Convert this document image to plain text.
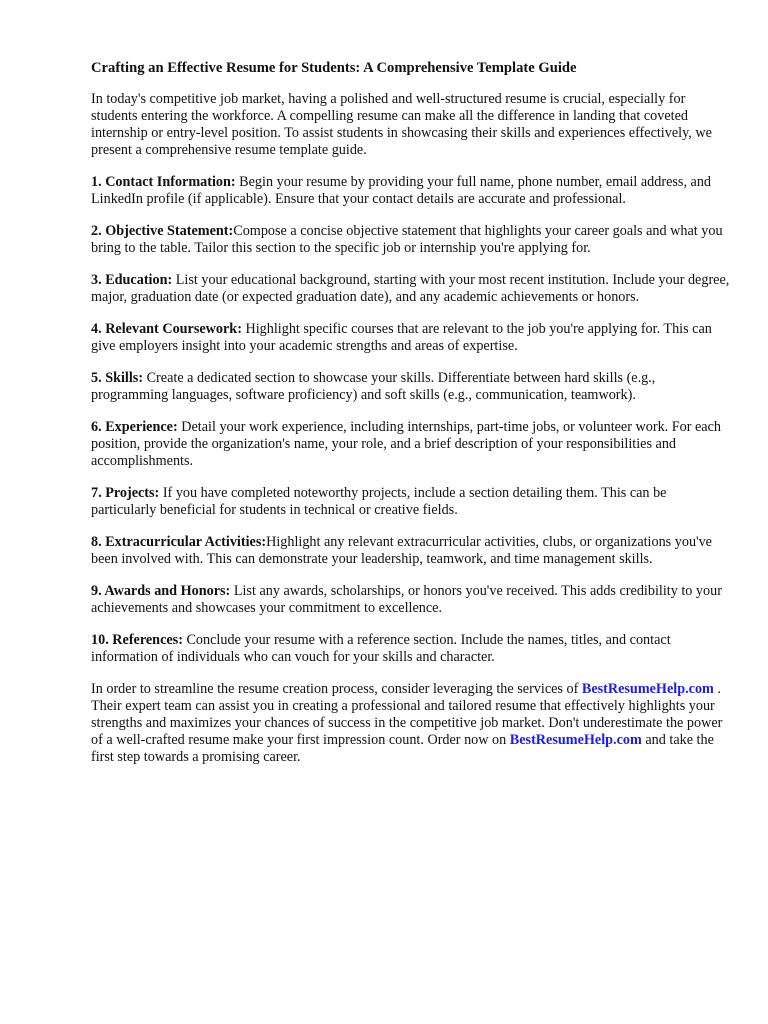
Crafting an Effective Resume for Students: A Comprehensive Template Guide

In today's competitive job market, having a polished and well-structured resume is crucial, especially for students entering the workforce. A compelling resume can make all the difference in landing that coveted internship or entry-level position. To assist students in showcasing their skills and experiences effectively, we present a comprehensive resume template guide.

1. Contact Information: Begin your resume by providing your full name, phone number, email address, and LinkedIn profile (if applicable). Ensure that your contact details are accurate and professional.

2. Objective Statement:Compose a concise objective statement that highlights your career goals and what you bring to the table. Tailor this section to the specific job or internship you're applying for.

3. Education: List your educational background, starting with your most recent institution. Include your degree, major, graduation date (or expected graduation date), and any academic achievements or honors.

4. Relevant Coursework: Highlight specific courses that are relevant to the job you're applying for. This can give employers insight into your academic strengths and areas of expertise.

5. Skills: Create a dedicated section to showcase your skills. Differentiate between hard skills (e.g., programming languages, software proficiency) and soft skills (e.g., communication, teamwork).

6. Experience: Detail your work experience, including internships, part-time jobs, or volunteer work. For each position, provide the organization's name, your role, and a brief description of your responsibilities and accomplishments.

7. Projects: If you have completed noteworthy projects, include a section detailing them. This can be particularly beneficial for students in technical or creative fields.

8. Extracurricular Activities:Highlight any relevant extracurricular activities, clubs, or organizations you've been involved with. This can demonstrate your leadership, teamwork, and time management skills.

9. Awards and Honors: List any awards, scholarships, or honors you've received. This adds credibility to your achievements and showcases your commitment to excellence.

10. References: Conclude your resume with a reference section. Include the names, titles, and contact information of individuals who can vouch for your skills and character.

In order to streamline the resume creation process, consider leveraging the services of BestResumeHelp.com . Their expert team can assist you in creating a professional and tailored resume that effectively highlights your strengths and maximizes your chances of success in the competitive job market. Don't underestimate the power of a well-crafted resume make your first impression count. Order now on BestResumeHelp.com and take the first step towards a promising career.
